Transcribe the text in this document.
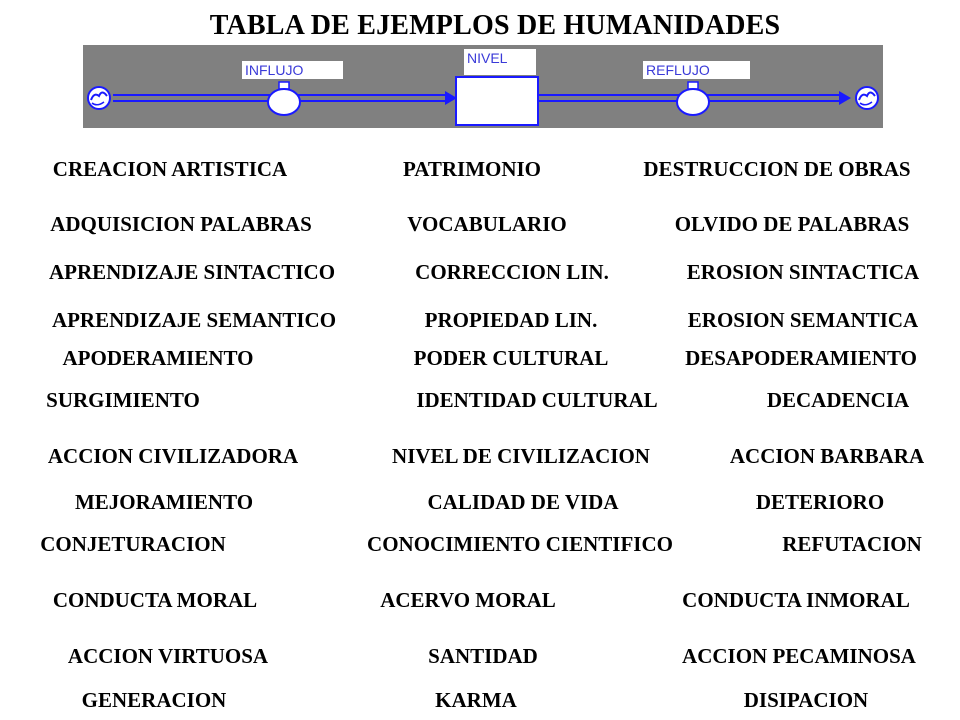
TABLA DE EJEMPLOS DE HUMANIDADES
INFLUJO
NIVEL
REFLUJO
CREACION ARTISTICA	PATRIMONIO	DESTRUCCION DE OBRAS
ADQUISICION PALABRAS	VOCABULARIO	OLVIDO DE PALABRAS
APRENDIZAJE SINTACTICO	CORRECCION LIN.	EROSION SINTACTICA
APRENDIZAJE SEMANTICO	PROPIEDAD LIN.	EROSION SEMANTICA
APODERAMIENTO	PODER CULTURAL	DESAPODERAMIENTO
SURGIMIENTO	IDENTIDAD CULTURAL	DECADENCIA
ACCION CIVILIZADORA	NIVEL DE CIVILIZACION	ACCION BARBARA
MEJORAMIENTO	CALIDAD DE VIDA	DETERIORO
CONJETURACION	CONOCIMIENTO CIENTIFICO	REFUTACION
CONDUCTA MORAL	ACERVO MORAL	CONDUCTA INMORAL
ACCION VIRTUOSA	SANTIDAD	ACCION PECAMINOSA
GENERACION	KARMA	DISIPACION
